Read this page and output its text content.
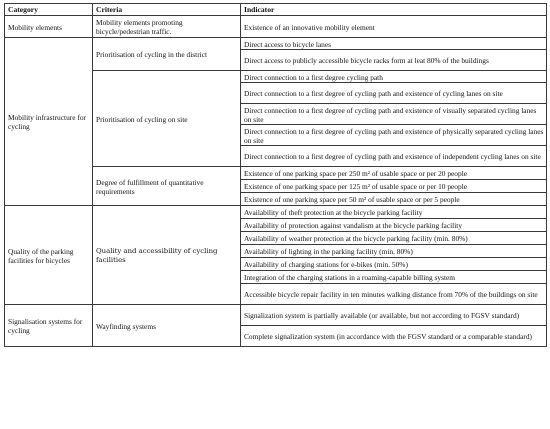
Category	Criteria	Indicator
Mobility elements	Mobility elements promoting bicycle/pedestrian traffic.	Existence of an innovative mobility element
Mobility infrastructure for cycling	Prioritisation of cycling in the district	Direct access to bicycle lanes
		Direct access to publicly accessible bicycle racks form at leat 80% of the buildings
	Prioritisation of cycling on site	Direct connection to a first degree cycling path
		Direct connection to a first degree of cycling path and existence of cycling lanes on site
		Direct connection to a first degree of cycling path and existence of visually separated cycling lanes on site
		Direct connection to a first degree of cycling path and existence of physically separated cycling lanes on site
		Direct connection to a first degree of cycling path and existence of independent cycling lanes on site
	Degree of fulfillment of quantitative requirements	Existence of one parking space per 250 m² of usable space or per 20 people
		Existence of one parking space per 125 m² of usable space or per 10 people
		Existence of one parking space per 50 m² of usable space or per 5 people
Quality of the parking facilities for bicycles	Quality and accessibility of cycling facilities	Availability of theft protection at the bicycle parking facility
		Availability of protection against vandalism at the bicycle parking facility
		Availability of weather protection at the bicycle parking facility (min. 80%)
		Availability of lighting in the parking facility (min. 80%)
		Availability of charging stations for e-bikes (min. 50%)
		Integration of the charging stations in a roaming-capable billing system
		Accessible bicycle repair facility in ten minutes walking distance from 70% of the buildings on site
Signalisation systems for cycling	Wayfinding systems	Signalization system is partially available (or available, but not according to FGSV standard)
		Complete signalization system (in accordance with the FGSV standard or a comparable standard)
